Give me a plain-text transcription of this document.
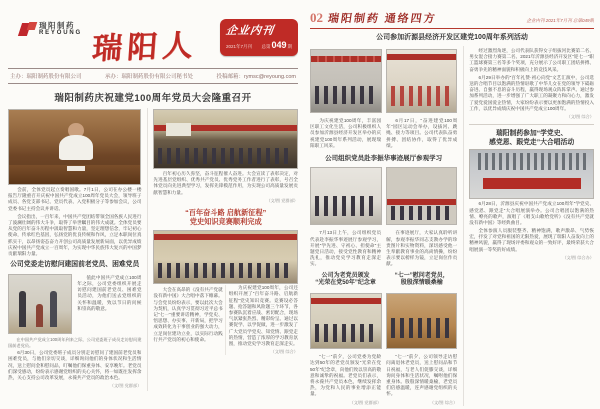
瑞阳制药
REYOUNG 瑞阳人	企业内刊
2021年7月刊 总第 049 期
主办：瑞阳制药股份有限公司	承办：瑞阳制药股份有限公司秘书处	投稿邮箱：rymsc@reyoung.com
瑞阳制药庆祝建党100周年党员大会隆重召开

会前，全体党员起立奏唱国歌。7月1日，公司在办公楼一楼报告厅隆重召开庆祝中国共产党成立100周年党员大会，领导班子成员、各党支部书记、党员代表、入党积极分子等参加会议，公司党委书记主持会议并讲话。

会议指出，一百年来，中国共产党团结带领全国各族人民进行了波澜壮阔的伟大斗争，取得了举世瞩目的伟大成就。全体党员要从党的百年奋斗历程中汲取智慧和力量，坚定理想信念，牢记初心使命，传承红色基因，弘扬党的优良传统和作风，立足本职岗位真抓实干，以昂扬姿态奋力开创公司高质量发展新局面，以优异成绩庆祝中国共产党成立一百周年，为实现中华民族伟大复兴的中国梦贡献瑞阳力量。

公司党委走访慰问建国前老党员、困难党员

值此中国共产党成立100周年之际，公司党委组织开展走访慰问建国前老党员、困难党员活动，为他们送去党组织的关怀和温暖，致以节日的问候和崇高的敬意。

在中国共产党成立100周年到来之际，公司党委班子成员走访慰问建国前老党员。

6月30日，公司党委班子成员分别走访慰问了建国前老党员和困难党员，与他们亲切交谈，详细询问他们的身体状况和生活情况，送上慰问金和慰问品，叮嘱他们保重身体、安享晚年。老党员们深受感动，纷纷表示感谢党组织的关心关怀，将一如既往发挥余热，关心支持公司改革发展，永葆共产党员的政治本色。

（文/图 党群部）

百年初心历久弥坚，奋斗征程催人奋进。大会宣读了表彰决定，对先进基层党组织、优秀共产党员、优秀党务工作者进行了表彰，号召全体党员向先进典型学习，发挥先锋模范作用，为实现公司高质量发展贡献智慧和力量。

（文/图 党群部）
“百年奋斗路 启航新征程”
党史知识竞赛顺利完成

大会在高昂的《没有共产党就没有新中国》大合唱中落下帷幕。与会党员纷纷表示，要以此次大会为契机，认真学习贯彻习近平总书记“七一”重要讲话精神，学党史、悟思想、办实事、开新局，把学习成效转化为干事创业的强大动力，立足岗位建功立业，以实际行动践行共产党员的初心和使命。

为庆祝建党100周年，公司还组织开展了“百年奋斗路、启航新征程”党史知识竞赛。竞赛设必答题、抢答题和风险题三个环节，各参赛队沉着应战、密切配合，现场气氛紧张热烈、精彩纷呈。通过以赛促学、以学促做，进一步激发了广大党员学党史、知党情、跟党走的热情，营造了浓厚的学习教育氛围，推动党史学习教育走深走实。

（文/图 综合）
02 瑞阳制药 通络四方	企业内刊 2021年7月刊 总第049期
公司参加沂源县经济开发区建党100周年系列活动

为庆祝建党100周年，丰富园区职工文化生活，公司积极组织人员参加沂源县经济开发区举办的庆祝建党100周年系列活动，展现瑞阳职工风采。

6月17日，“奋进建党100周年”园区运动会举办，设拔河、跳绳、接力等项目。公司代表队奋勇拼搏、团结协作，取得了优异成绩。

公司组织党员赴李振华事迹展厅参观学习

7月13日上午，公司组织党员代表赴李振华事迹展厅参观学习，开展“学先进、守初心、担使命”主题党日活动，接受党性教育和精神洗礼，推动党史学习教育走深走实。

在事迹展厅，大家认真聆听讲解，参观李振华同志支教办学的珍贵图片和实物资料，深切感受他一生奉献教育事业的高尚情操，纷纷表示要以榜样为镜，立足岗位作贡献。

公司为老党员颁发
“光荣在党50年”纪念章
“七一”慰问老党员，
殷殷深情暖桑榆

“七一”前夕，公司党委为党龄达到50年的老党员颁发“光荣在党50年”纪念章，向他们致以崇高的敬意和诚挚的祝福。老党员们表示，将永葆共产党员本色，继续发挥余热，为党和人民的事业增添正能量。

（文/图 党群部）

“七一”前夕，公司领导走访慰问离退休老党员，送上慰问品和节日祝福，与老人们促膝交谈，详细询问身体和生活状况，嘱咐他们保重身体。殷殷深情暖桑榆，老党员们倍感温暖，连声感谢党组织的关怀。

（文/图 综合）

经过激烈角逐，公司代表队获得女子组拔河比赛第二名、男女混合接力赛第二名、2021年沂源县经济开发区“迎七一”职工篮球赛第三名等多个奖项，充分展示了公司职工团结拼搏、奋勇争先的精神面貌和积极向上的竞技风采。

6月29日举办的“百年礼赞·初心向党”文艺汇演中，公司选送的合唱节目以饱满的热情讴歌了中华儿女在党的领导下砥砺奋进、自强不息的奋斗历程，赢得现场观众阵阵掌声。通过参加系列活动，进一步增强了广大职工的凝聚力和向心力，激发了爱党爱国爱企热情，大家纷纷表示要以更加饱满的热情投入工作，以优异成绩庆祝中国共产党成立100周年。

（文/图 综合）
瑞阳制药参加“学党史、
感党恩、跟党走”大合唱活动

6月28日，沂源县庆祝中国共产党成立100周年“学党史、感党恩、跟党走”大合唱展演举办。公司合唱团以饱满的热情、嘹亮的歌声，演唱了《唱支山歌给党听》《没有共产党就没有新中国》等经典曲目。

全体参演人员服装整齐、精神饱满，歌声激昂、气势恢宏，抒发了对党和祖国的无限热爱，展现了瑞阳人奋发向上的精神风貌，赢得了现场评委和观众的一致好评，最终荣获大合唱展演一等奖的好成绩。

（文/图 综合办）
